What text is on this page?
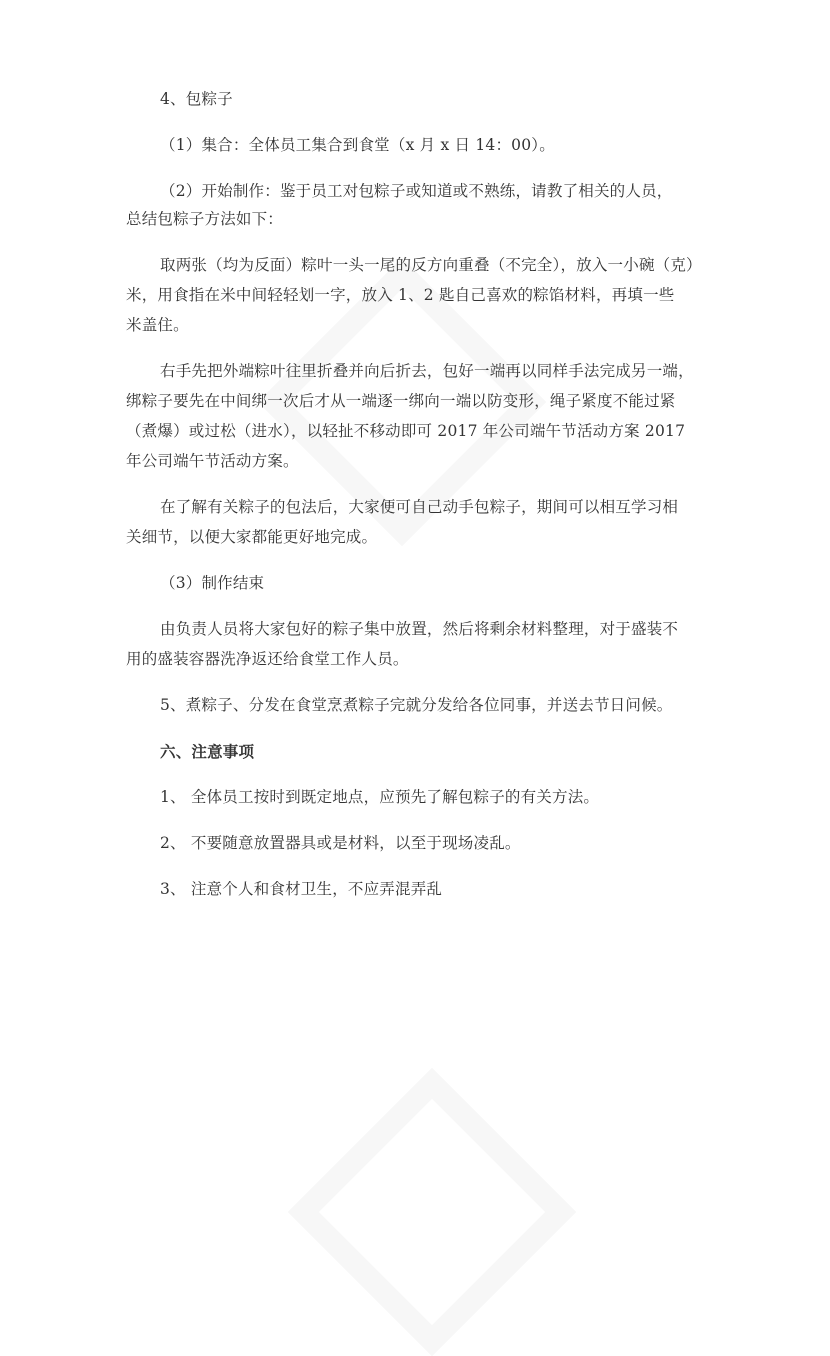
4、包粽子
（1）集合：全体员工集合到食堂（x 月 x 日 14：00）。
（2）开始制作：鉴于员工对包粽子或知道或不熟练，请教了相关的人员，
总结包粽子方法如下：
取两张（均为反面）粽叶一头一尾的反方向重叠（不完全），放入一小碗（克）
米，用食指在米中间轻轻划一字，放入 1、2 匙自己喜欢的粽馅材料，再填一些
米盖住。
右手先把外端粽叶往里折叠并向后折去，包好一端再以同样手法完成另一端，
绑粽子要先在中间绑一次后才从一端逐一绑向一端以防变形，绳子紧度不能过紧
（煮爆）或过松（进水），以轻扯不移动即可 2017 年公司端午节活动方案 2017
年公司端午节活动方案。
在了解有关粽子的包法后，大家便可自己动手包粽子，期间可以相互学习相
关细节，以便大家都能更好地完成。
（3）制作结束
由负责人员将大家包好的粽子集中放置，然后将剩余材料整理，对于盛装不
用的盛装容器洗净返还给食堂工作人员。
5、煮粽子、分发在食堂烹煮粽子完就分发给各位同事，并送去节日问候。
六、注意事项
1、 全体员工按时到既定地点，应预先了解包粽子的有关方法。
2、 不要随意放置器具或是材料，以至于现场凌乱。
3、 注意个人和食材卫生，不应弄混弄乱
